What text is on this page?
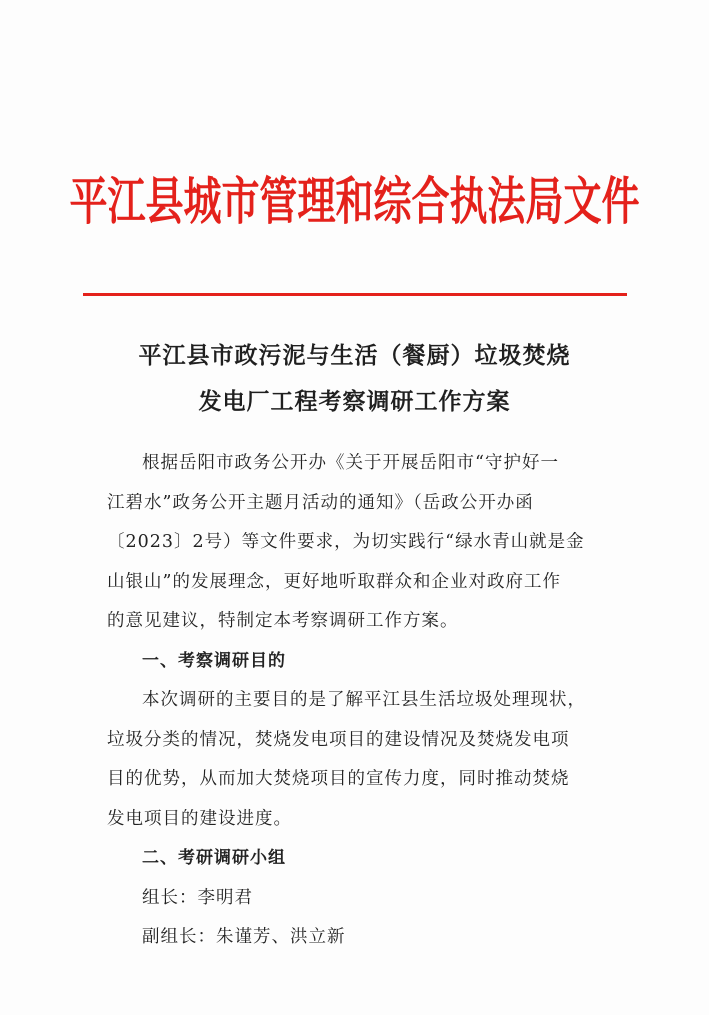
平江县城市管理和综合执法局文件
平江县市政污泥与生活（餐厨）垃圾焚烧
发电厂工程考察调研工作方案
根据岳阳市政务公开办《关于开展岳阳市“守护好一
江碧水”政务公开主题月活动的通知》（岳政公开办函
〔2023〕2号）等文件要求，为切实践行“绿水青山就是金
山银山”的发展理念，更好地听取群众和企业对政府工作
的意见建议，特制定本考察调研工作方案。
一、考察调研目的
本次调研的主要目的是了解平江县生活垃圾处理现状，
垃圾分类的情况，焚烧发电项目的建设情况及焚烧发电项
目的优势，从而加大焚烧项目的宣传力度，同时推动焚烧
发电项目的建设进度。
二、考研调研小组
组长：李明君
副组长：朱谨芳、洪立新
